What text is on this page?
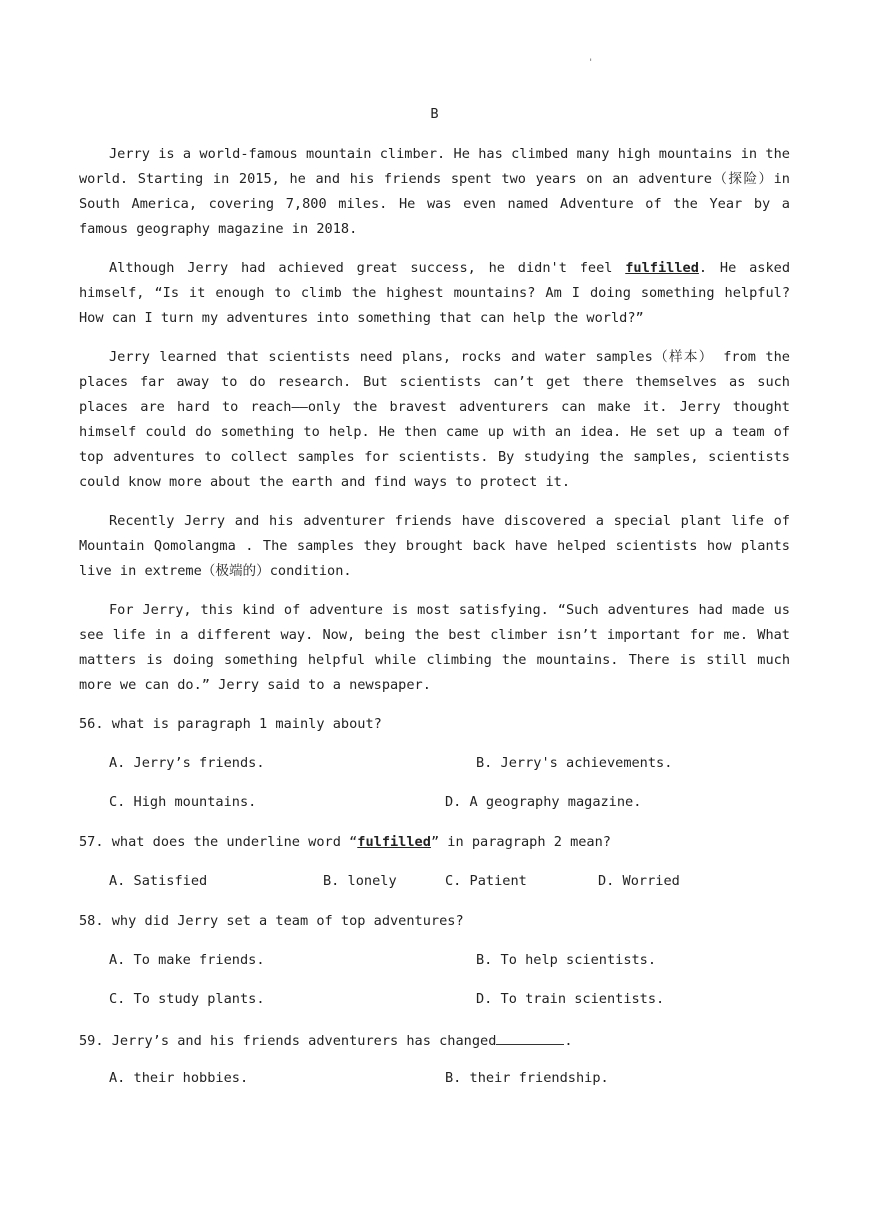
'
B

Jerry is a world-famous mountain climber. He has climbed many high mountains in the world. Starting in 2015, he and his friends spent two years on an adventure（探险）in South America, covering 7,800 miles. He was even named Adventure of the Year by a famous geography magazine in 2018.

Although Jerry had achieved great success, he didn't feel fulfilled. He asked himself, “Is it enough to climb the highest mountains? Am I doing something helpful? How can I turn my adventures into something that can help the world?”

Jerry learned that scientists need plans, rocks and water samples（样本） from the places far away to do research. But scientists can’t get there themselves as such places are hard to reach——only the bravest adventurers can make it. Jerry thought himself could do something to help. He then came up with an idea. He set up a team of top adventures to collect samples for scientists. By studying the samples, scientists could know more about the earth and find ways to protect it.

Recently Jerry and his adventurer friends have discovered a special plant life of Mountain Qomolangma . The samples they brought back have helped scientists how plants live in extreme（极端的）condition.

For Jerry, this kind of adventure is most satisfying. “Such adventures had made us see life in a different way. Now, being the best climber isn’t important for me. What matters is doing something helpful while climbing the mountains. There is still much more we can do.” Jerry said to a newspaper.

56. what is paragraph 1 mainly about?

A. Jerry’s friends.	B. Jerry's achievements.

C. High mountains.	D. A geography magazine.

57. what does the underline word “fulfilled” in paragraph 2 mean?

A. Satisfied	B. lonely	C. Patient	D. Worried

58. why did Jerry set a team of top adventures?

A. To make friends.	B. To help scientists.

C. To study plants.	D. To train scientists.

59. Jerry’s and his friends adventurers has changed	.

A. their hobbies.	B. their friendship.
